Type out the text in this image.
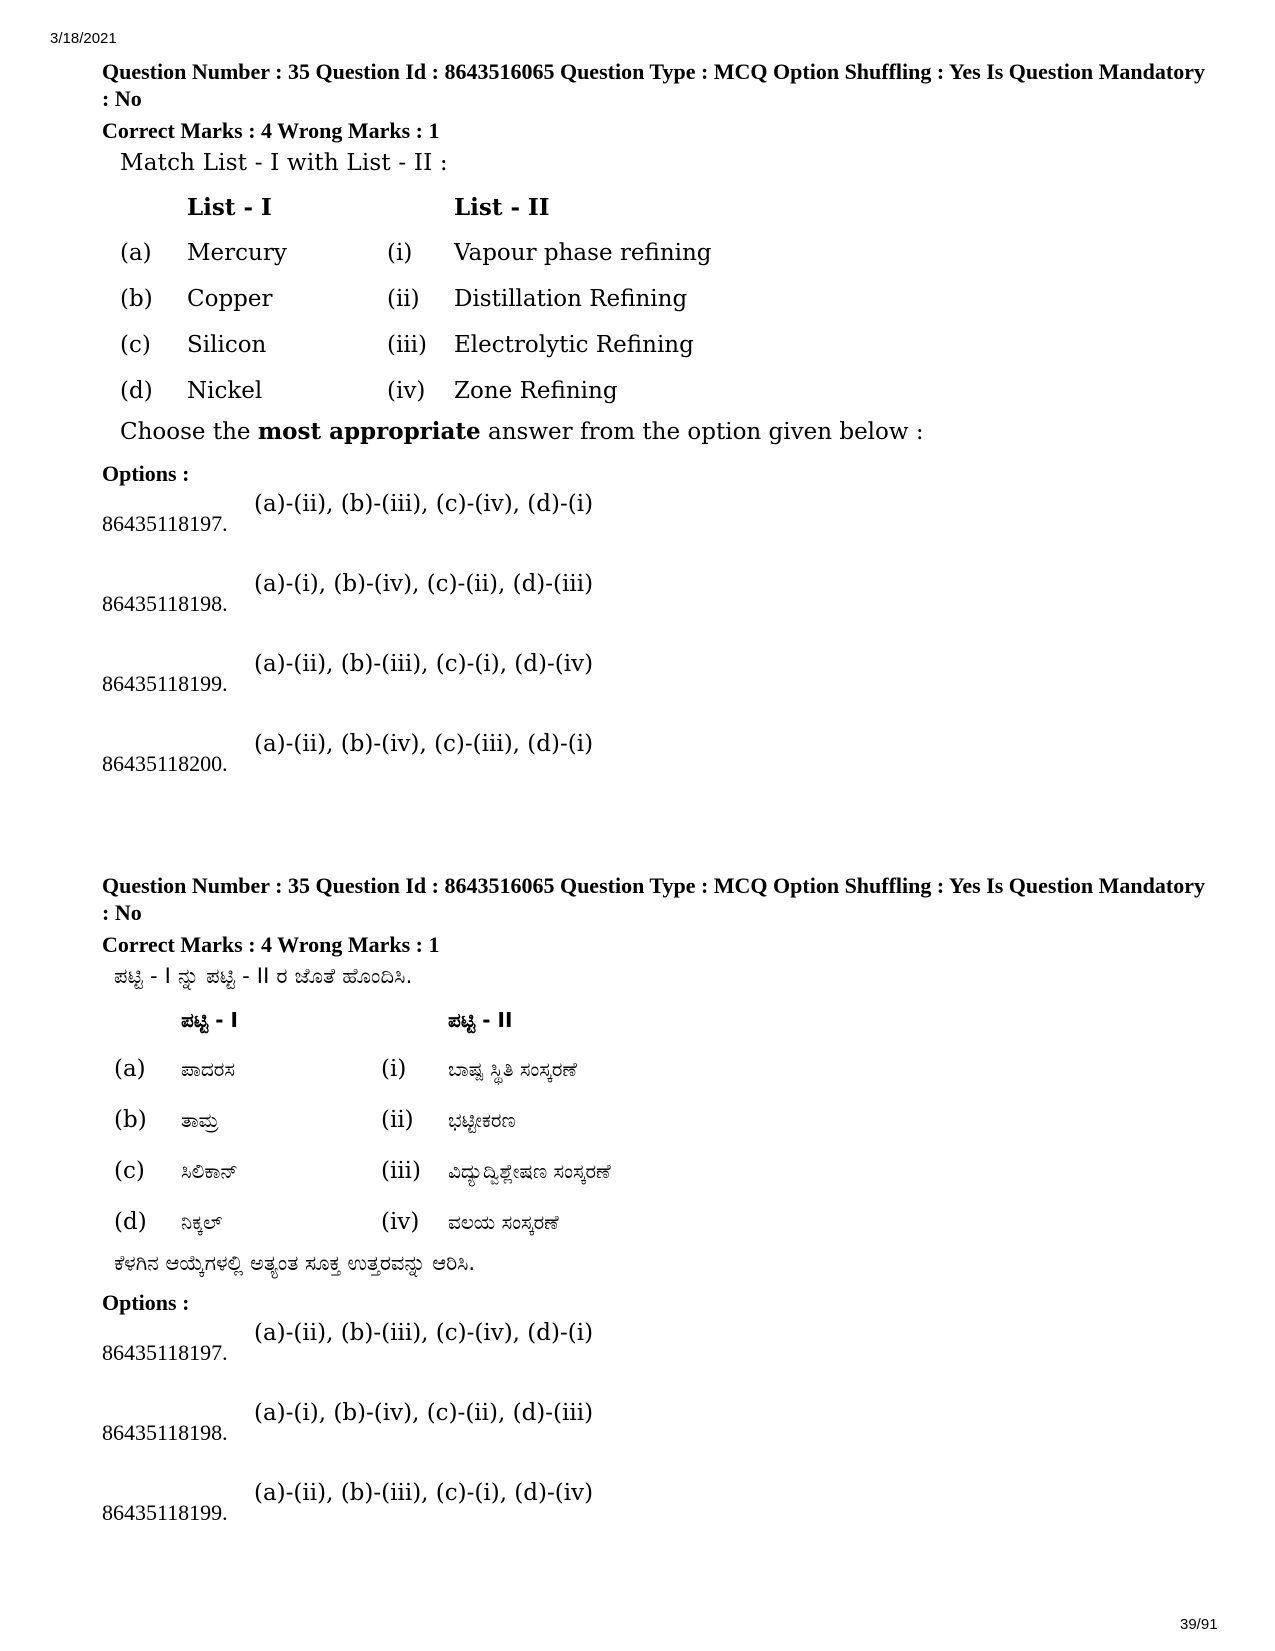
3/18/2021
Question Number : 35 Question Id : 8643516065 Question Type : MCQ Option Shuffling : Yes Is Question Mandatory : No
Correct Marks : 4 Wrong Marks : 1
Match List - I with List - II :
	List - I		List - II
(a)	Mercury	(i)	Vapour phase refining
(b)	Copper	(ii)	Distillation Refining
(c)	Silicon	(iii)	Electrolytic Refining
(d)	Nickel	(iv)	Zone Refining
Choose the most appropriate answer from the option given below :
Options :
86435118197.
(a)-(ii), (b)-(iii), (c)-(iv), (d)-(i)
86435118198.
(a)-(i), (b)-(iv), (c)-(ii), (d)-(iii)
86435118199.
(a)-(ii), (b)-(iii), (c)-(i), (d)-(iv)
86435118200.
(a)-(ii), (b)-(iv), (c)-(iii), (d)-(i)
Question Number : 35 Question Id : 8643516065 Question Type : MCQ Option Shuffling : Yes Is Question Mandatory : No
Correct Marks : 4 Wrong Marks : 1
ಪಟ್ಟಿ - I ನ್ನು ಪಟ್ಟಿ - II ರ ಜೊತೆ ಹೊಂದಿಸಿ.
	ಪಟ್ಟಿ - I		ಪಟ್ಟಿ - II
(a)	ಪಾದರಸ	(i)	ಬಾಷ್ಪ ಸ್ಥಿತಿ ಸಂಸ್ಕರಣೆ
(b)	ತಾಮ್ರ	(ii)	ಭಟ್ಟೀಕರಣ
(c)	ಸಿಲಿಕಾನ್	(iii)	ವಿದ್ಯುದ್ವಿಶ್ಲೇಷಣ ಸಂಸ್ಕರಣೆ
(d)	ನಿಕ್ಕಲ್	(iv)	ವಲಯ ಸಂಸ್ಕರಣೆ
ಕೆಳಗಿನ ಆಯ್ಕೆಗಳಲ್ಲಿ ಅತ್ಯಂತ ಸೂಕ್ತ ಉತ್ತರವನ್ನು ಆರಿಸಿ.
Options :
86435118197.
(a)-(ii), (b)-(iii), (c)-(iv), (d)-(i)
86435118198.
(a)-(i), (b)-(iv), (c)-(ii), (d)-(iii)
86435118199.
(a)-(ii), (b)-(iii), (c)-(i), (d)-(iv)
39/91
